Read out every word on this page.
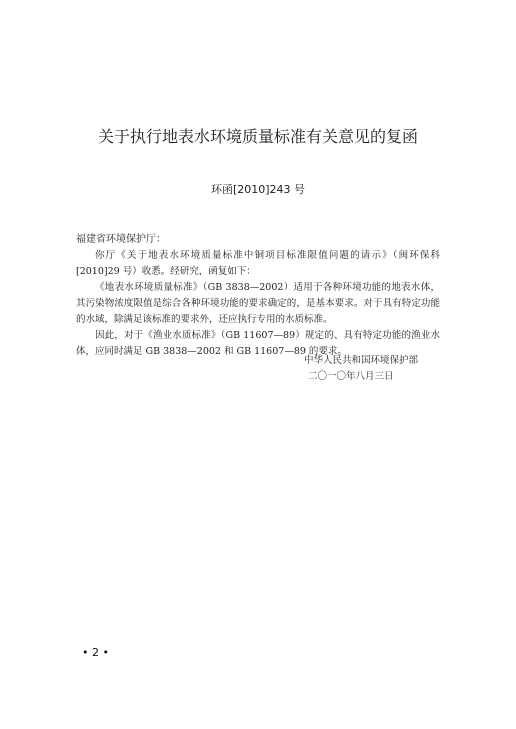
关于执行地表水环境质量标准有关意见的复函
环函[2010]243 号

福建省环境保护厅：

你厅《关于地表水环境质量标准中铜项目标准限值问题的请示》（闽环保科[2010]29 号）收悉。经研究，函复如下：

《地表水环境质量标准》（GB 3838—2002）适用于各种环境功能的地表水体，其污染物浓度限值是综合各种环境功能的要求确定的，是基本要求。对于具有特定功能的水域，除满足该标准的要求外，还应执行专用的水质标准。

因此，对于《渔业水质标准》（GB 11607—89）规定的、具有特定功能的渔业水体，应同时满足 GB 3838—2002 和 GB 11607—89 的要求。

中华人民共和国环境保护部
二〇一〇年八月三日
• 2 •
